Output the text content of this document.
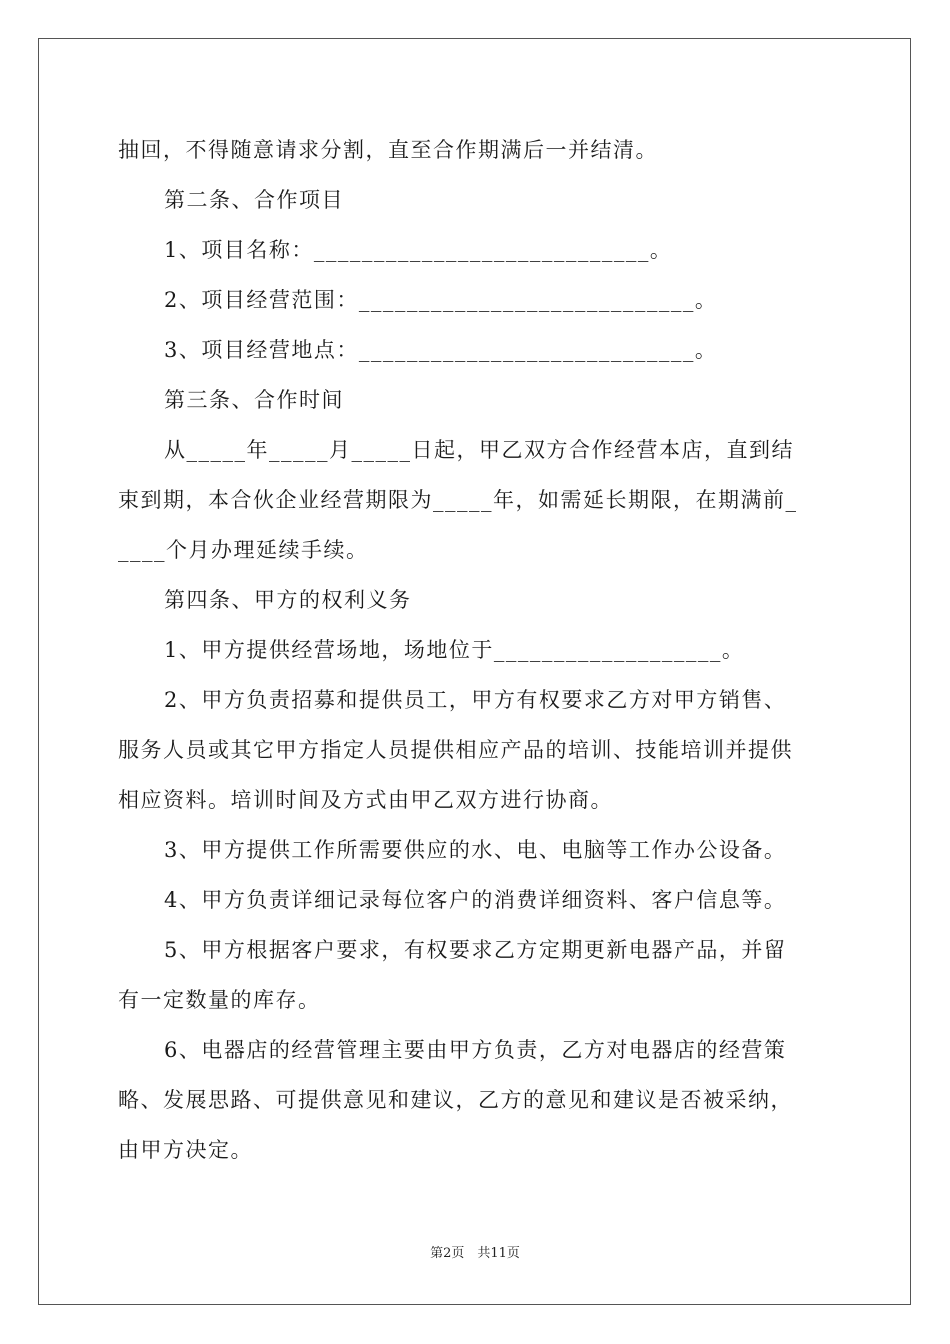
抽回，不得随意请求分割，直至合作期满后一并结清。
第二条、合作项目
1、项目名称：____________________________。
2、项目经营范围：____________________________。
3、项目经营地点：____________________________。
第三条、合作时间
从_____年_____月_____日起，甲乙双方合作经营本店，直到结
束到期，本合伙企业经营期限为_____年，如需延长期限，在期满前_
____个月办理延续手续。
第四条、甲方的权利义务
1、甲方提供经营场地，场地位于___________________。
2、甲方负责招募和提供员工，甲方有权要求乙方对甲方销售、
服务人员或其它甲方指定人员提供相应产品的培训、技能培训并提供
相应资料。培训时间及方式由甲乙双方进行协商。
3、甲方提供工作所需要供应的水、电、电脑等工作办公设备。
4、甲方负责详细记录每位客户的消费详细资料、客户信息等。
5、甲方根据客户要求，有权要求乙方定期更新电器产品，并留
有一定数量的库存。
6、电器店的经营管理主要由甲方负责，乙方对电器店的经营策
略、发展思路、可提供意见和建议，乙方的意见和建议是否被采纳，
由甲方决定。
第2页　共11页
